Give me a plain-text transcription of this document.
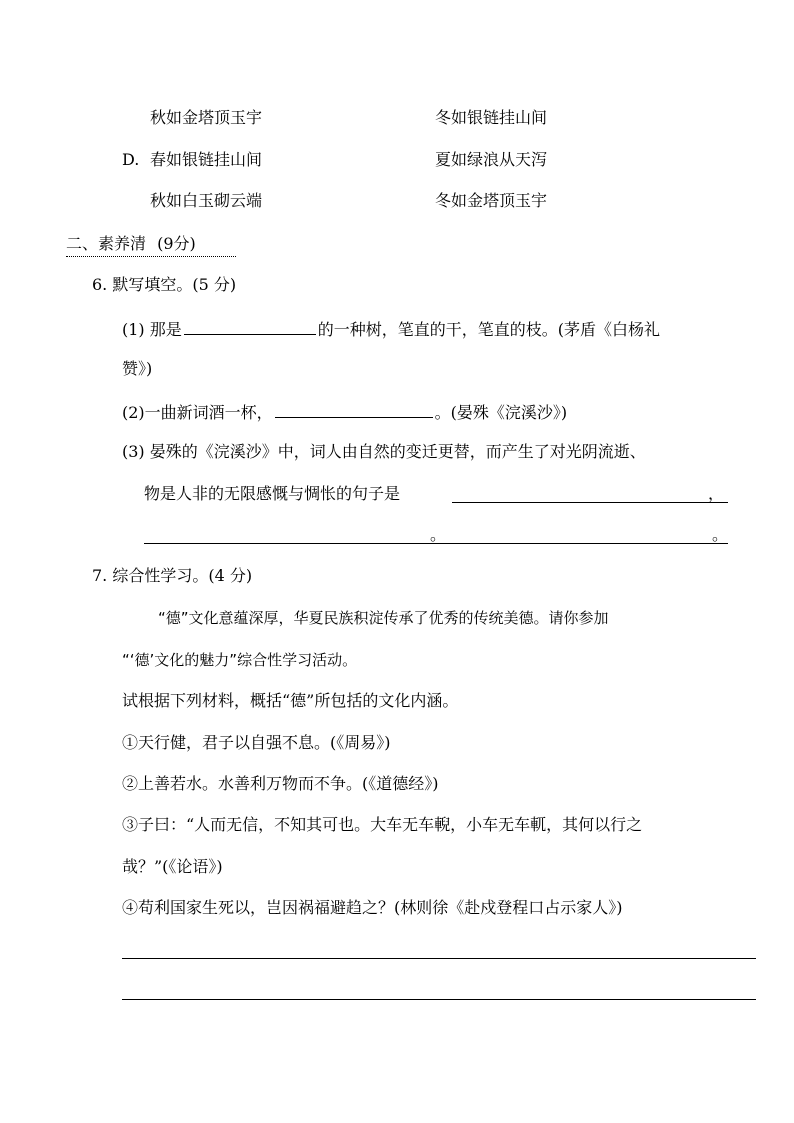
秋如金塔顶玉宇	冬如银链挂山间
D. 春如银链挂山间	夏如绿浪从天泻
秋如白玉砌云端	冬如金塔顶玉宇
二、素养清 (9分)
6. 默写填空。(5 分)
(1) 那是	的一种树，笔直的干，笔直的枝。(茅盾《白杨礼
赞》)
(2)一曲新词酒一杯，	。(晏殊《浣溪沙》)
(3) 晏殊的《浣溪沙》中，词人由自然的变迁更替，而产生了对光阴流逝、
物是人非的无限感慨与惆怅的句子是	，
。	。
7. 综合性学习。(4 分)
“德”文化意蕴深厚，华夏民族积淀传承了优秀的传统美德。请你参加
“‘德’文化的魅力”综合性学习活动。
试根据下列材料，概括“德”所包括的文化内涵。
①天行健，君子以自强不息。(《周易》)
②上善若水。水善利万物而不争。(《道德经》)
③子曰：“人而无信，不知其可也。大车无车輗，小车无车軏，其何以行之
哉？”(《论语》)
④苟利国家生死以，岂因祸福避趋之？(林则徐《赴戍登程口占示家人》)
